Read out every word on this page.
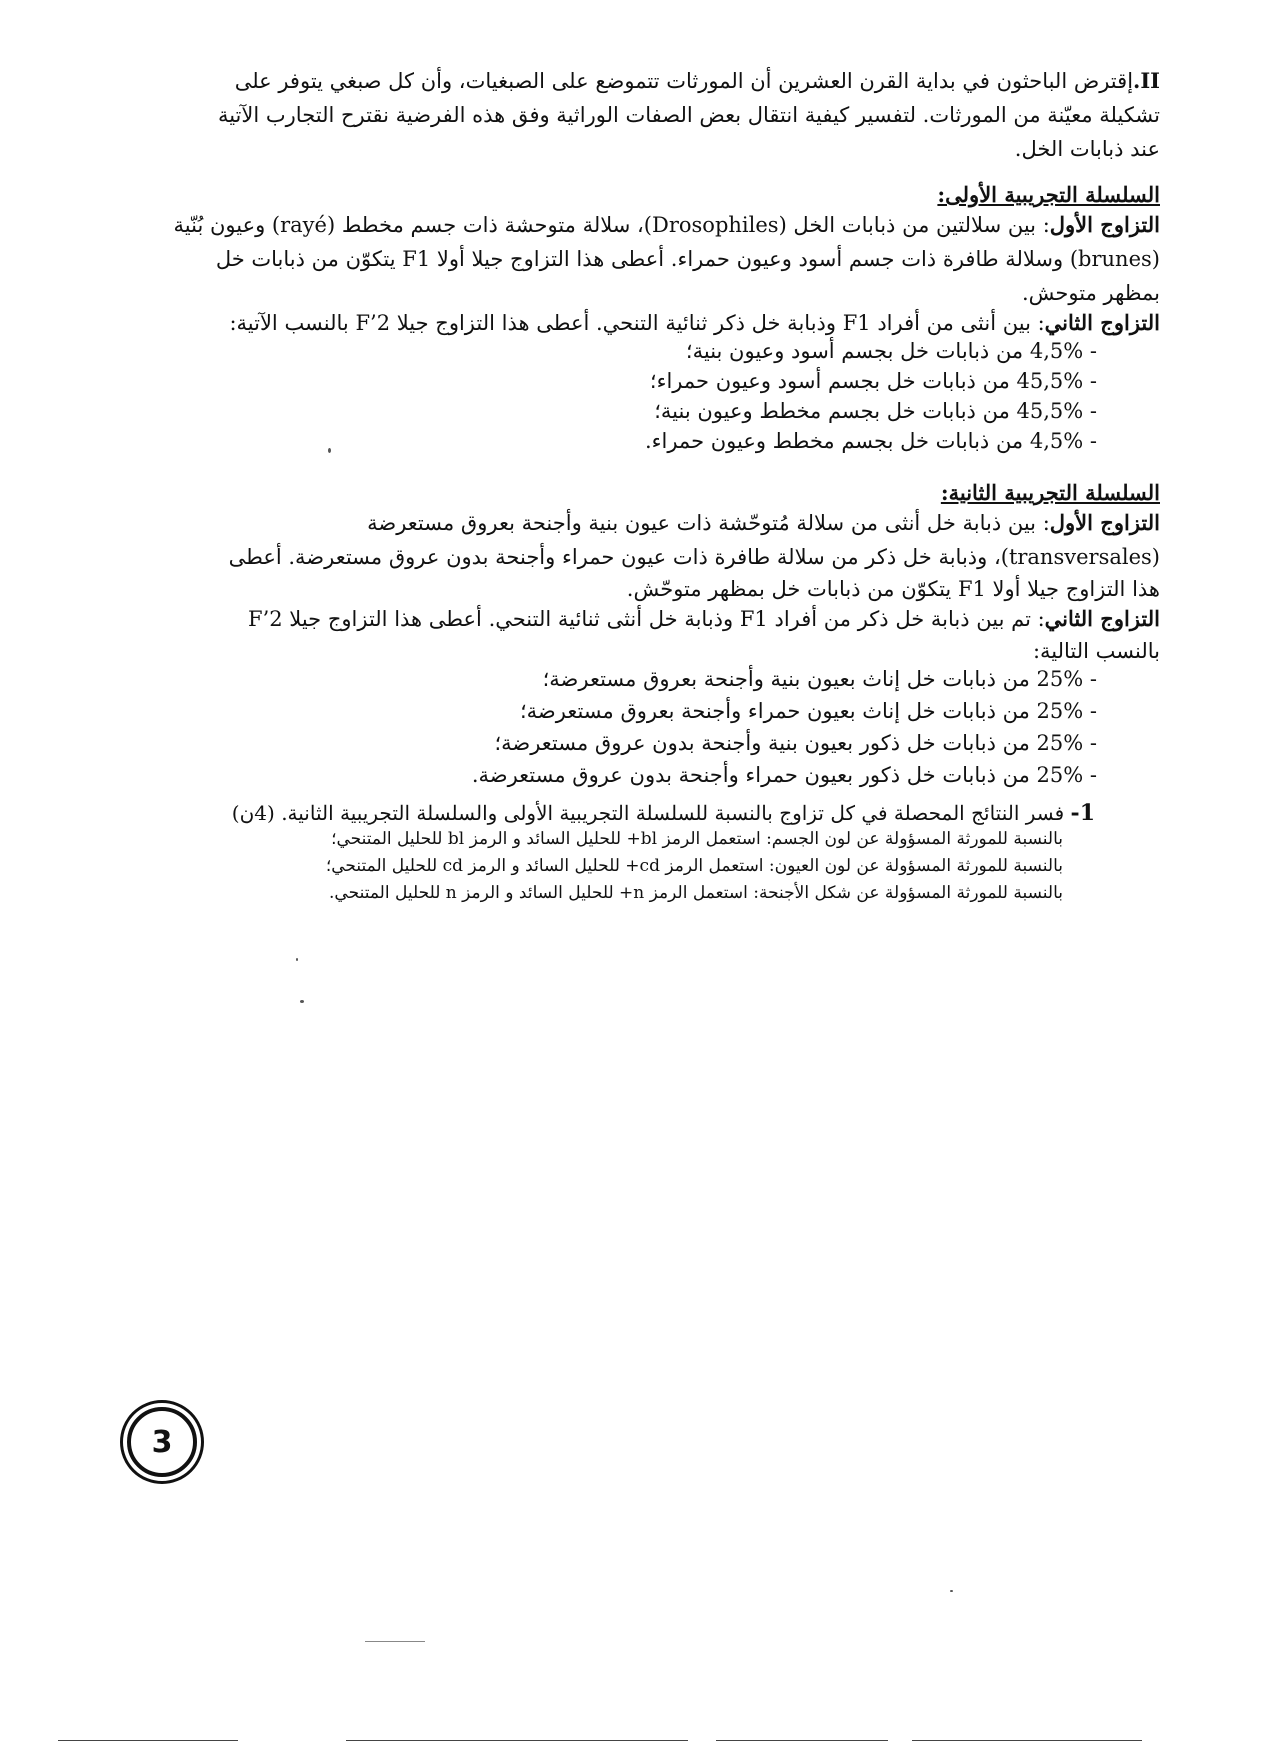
II.إقترض الباحثون في بداية القرن العشرين أن المورثات تتموضع على الصبغيات، وأن كل صبغي يتوفر على
تشكيلة معيّنة من المورثات. لتفسير كيفية انتقال بعض الصفات الوراثية وفق هذه الفرضية نقترح التجارب الآتية
عند ذبابات الخل.
السلسلة التجريبية الأولى:
التزاوج الأول: بين سلالتين من ذبابات الخل (Drosophiles)، سلالة متوحشة ذات جسم مخطط (rayé) وعيون بُنّية
(brunes) وسلالة طافرة ذات جسم أسود وعيون حمراء. أعطى هذا التزاوج جيلا أولا F1 يتكوّن من ذبابات خل
بمظهر متوحش.
التزاوج الثاني: بين أنثى من أفراد F1 وذبابة خل ذكر ثنائية التنحي. أعطى هذا التزاوج جيلا F’2 بالنسب الآتية:
- 4,5% من ذبابات خل بجسم أسود وعيون بنية؛
- 45,5% من ذبابات خل بجسم أسود وعيون حمراء؛
- 45,5% من ذبابات خل بجسم مخطط وعيون بنية؛
- 4,5% من ذبابات خل بجسم مخطط وعيون حمراء.
السلسلة التجريبية الثانية:
التزاوج الأول: بين ذبابة خل أنثى من سلالة مُتوحّشة ذات عيون بنية وأجنحة بعروق مستعرضة
(transversales)، وذبابة خل ذكر من سلالة طافرة ذات عيون حمراء وأجنحة بدون عروق مستعرضة. أعطى
هذا التزاوج جيلا أولا F1 يتكوّن من ذبابات خل بمظهر متوحّش.
التزاوج الثاني: تم بين ذبابة خل ذكر من أفراد F1 وذبابة خل أنثى ثنائية التنحي. أعطى هذا التزاوج جيلا F’2
بالنسب التالية:
- 25% من ذبابات خل إناث بعيون بنية وأجنحة بعروق مستعرضة؛
- 25% من ذبابات خل إناث بعيون حمراء وأجنحة بعروق مستعرضة؛
- 25% من ذبابات خل ذكور بعيون بنية وأجنحة بدون عروق مستعرضة؛
- 25% من ذبابات خل ذكور بعيون حمراء وأجنحة بدون عروق مستعرضة.
1- فسر النتائج المحصلة في كل تزاوج بالنسبة للسلسلة التجريبية الأولى والسلسلة التجريبية الثانية. (4ن)
بالنسبة للمورثة المسؤولة عن لون الجسم: استعمل الرمز bl+ للحليل السائد و الرمز bl للحليل المتنحي؛
بالنسبة للمورثة المسؤولة عن لون العيون: استعمل الرمز cd+ للحليل السائد و الرمز cd للحليل المتنحي؛
بالنسبة للمورثة المسؤولة عن شكل الأجنحة: استعمل الرمز n+ للحليل السائد و الرمز n للحليل المتنحي.
3
